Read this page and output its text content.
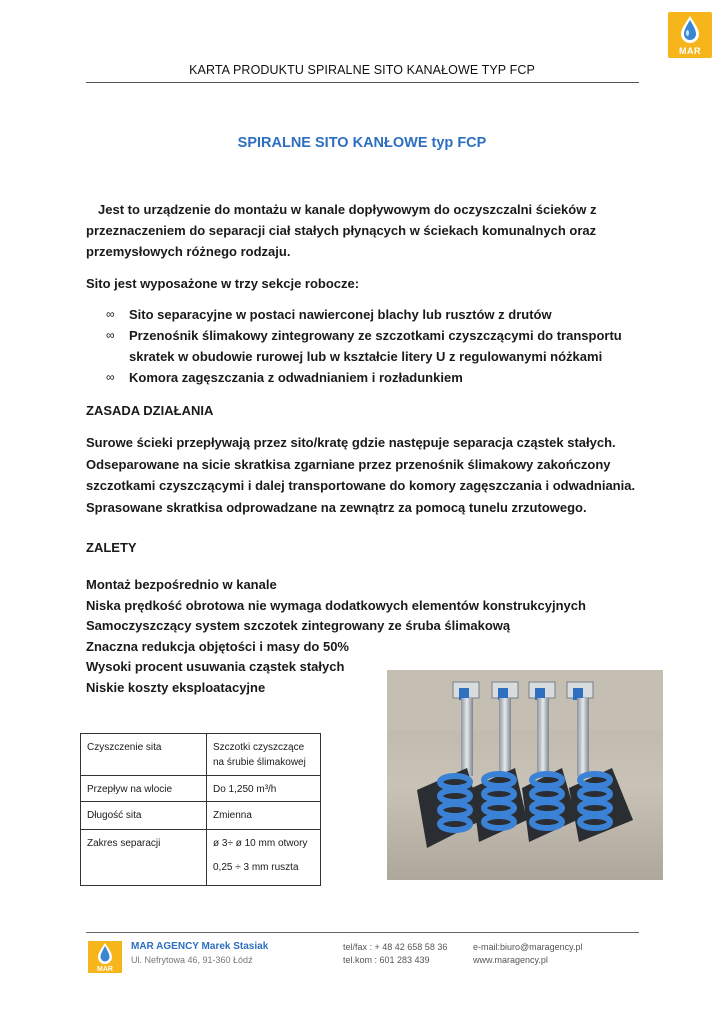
MAR
KARTA PRODUKTU SPIRALNE SITO KANAŁOWE TYP FCP
SPIRALNE SITO KANŁOWE typ FCP
Jest to urządzenie do montażu w kanale dopływowym do oczyszczalni ścieków z przeznaczeniem do separacji ciał stałych płynących w ściekach komunalnych oraz przemysłowych różnego rodzaju.
Sito jest wyposażone w trzy sekcje robocze:
∞ Sito separacyjne w postaci nawierconej blachy lub rusztów z drutów
∞ Przenośnik ślimakowy zintegrowany ze szczotkami czyszczącymi do transportu skratek w obudowie rurowej lub w kształcie litery U z regulowanymi nóżkami
∞ Komora zagęszczania z odwadnianiem i rozładunkiem
ZASADA DZIAŁANIA
Surowe ścieki przepływają przez sito/kratę gdzie następuje separacja cząstek stałych. Odseparowane na sicie skratkisa zgarniane przez przenośnik ślimakowy zakończony szczotkami czyszczącymi i dalej transportowane do komory zagęszczania i odwadniania. Sprasowane skratkisa odprowadzane na zewnątrz za pomocą tunelu zrzutowego.
ZALETY
Montaż bezpośrednio w kanale
Niska prędkość obrotowa nie wymaga dodatkowych elementów konstrukcyjnych
Samoczyszczący system szczotek zintegrowany ze śruba ślimakową
Znaczna redukcja objętości i masy do 50%
Wysoki procent usuwania cząstek stałych
Niskie koszty eksploatacyjne
Czyszczenie sita	Szczotki czyszczące na śrubie ślimakowej
Przepływ na wlocie	Do 1,250 m³/h
Długość sita	Zmienna
Zakres separacji	ø 3÷ ø 10 mm otwory
0,25 ÷ 3 mm ruszta
MAR
MAR AGENCY Marek Stasiak
Ul. Nefrytowa 46, 91-360 Łódź
tel/fax : + 48 42 658 58 36
tel.kom : 601 283 439
e-mail:biuro@maragency.pl
www.maragency.pl
